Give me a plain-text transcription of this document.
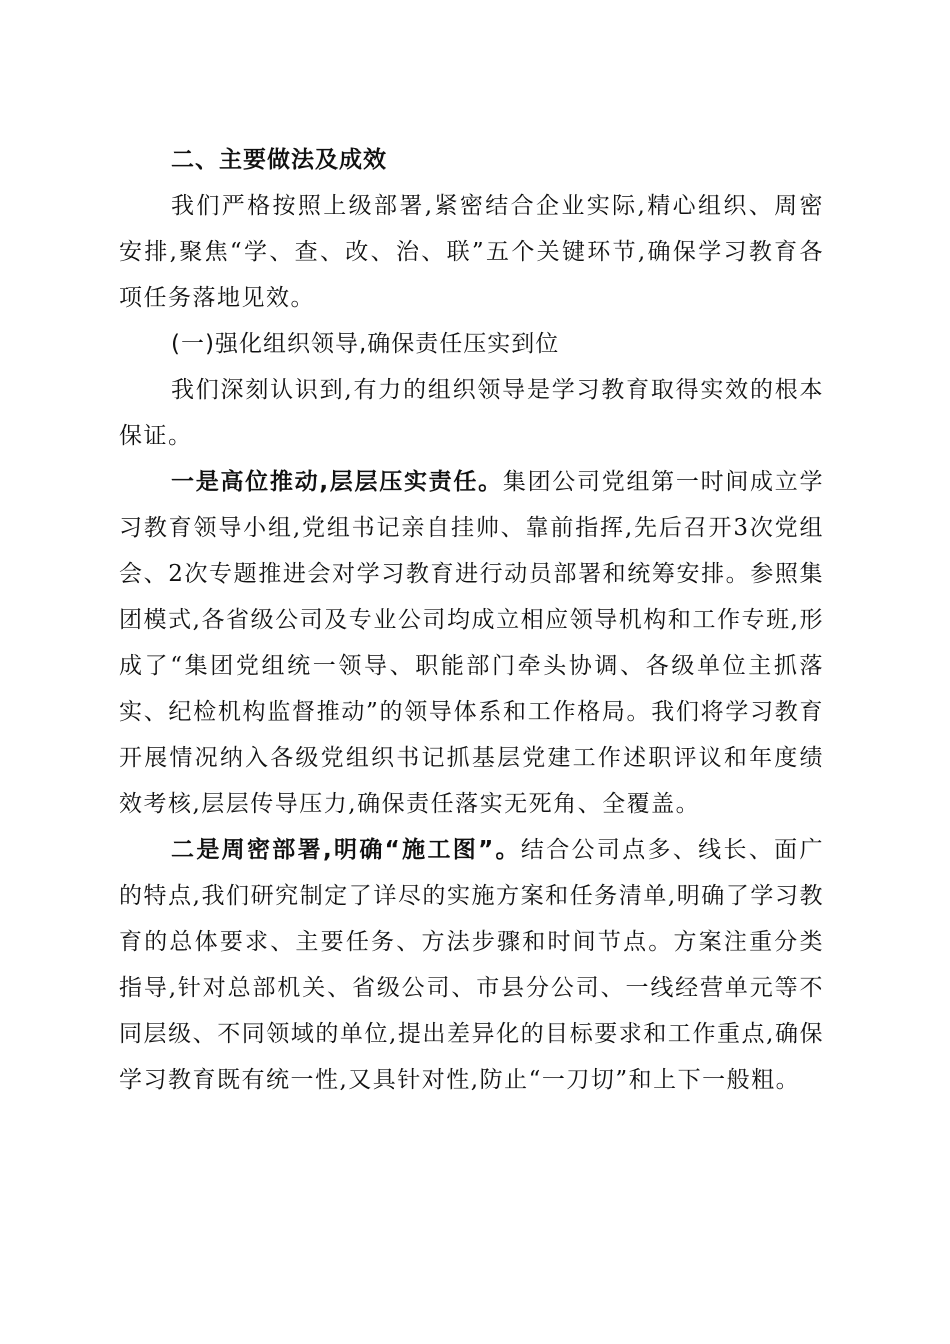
二、主要做法及成效

我们严格按照上级部署,紧密结合企业实际,精心组织、周密安排,聚焦“学、查、改、治、联”五个关键环节,确保学习教育各项任务落地见效。

(一)强化组织领导,确保责任压实到位

我们深刻认识到,有力的组织领导是学习教育取得实效的根本保证。

一是高位推动,层层压实责任。集团公司党组第一时间成立学习教育领导小组,党组书记亲自挂帅、靠前指挥,先后召开3次党组会、2次专题推进会对学习教育进行动员部署和统筹安排。参照集团模式,各省级公司及专业公司均成立相应领导机构和工作专班,形成了“集团党组统一领导、职能部门牵头协调、各级单位主抓落实、纪检机构监督推动”的领导体系和工作格局。我们将学习教育开展情况纳入各级党组织书记抓基层党建工作述职评议和年度绩效考核,层层传导压力,确保责任落实无死角、全覆盖。

二是周密部署,明确“施工图”。结合公司点多、线长、面广的特点,我们研究制定了详尽的实施方案和任务清单,明确了学习教育的总体要求、主要任务、方法步骤和时间节点。方案注重分类指导,针对总部机关、省级公司、市县分公司、一线经营单元等不同层级、不同领域的单位,提出差异化的目标要求和工作重点,确保学习教育既有统一性,又具针对性,防止“一刀切”和上下一般粗。
